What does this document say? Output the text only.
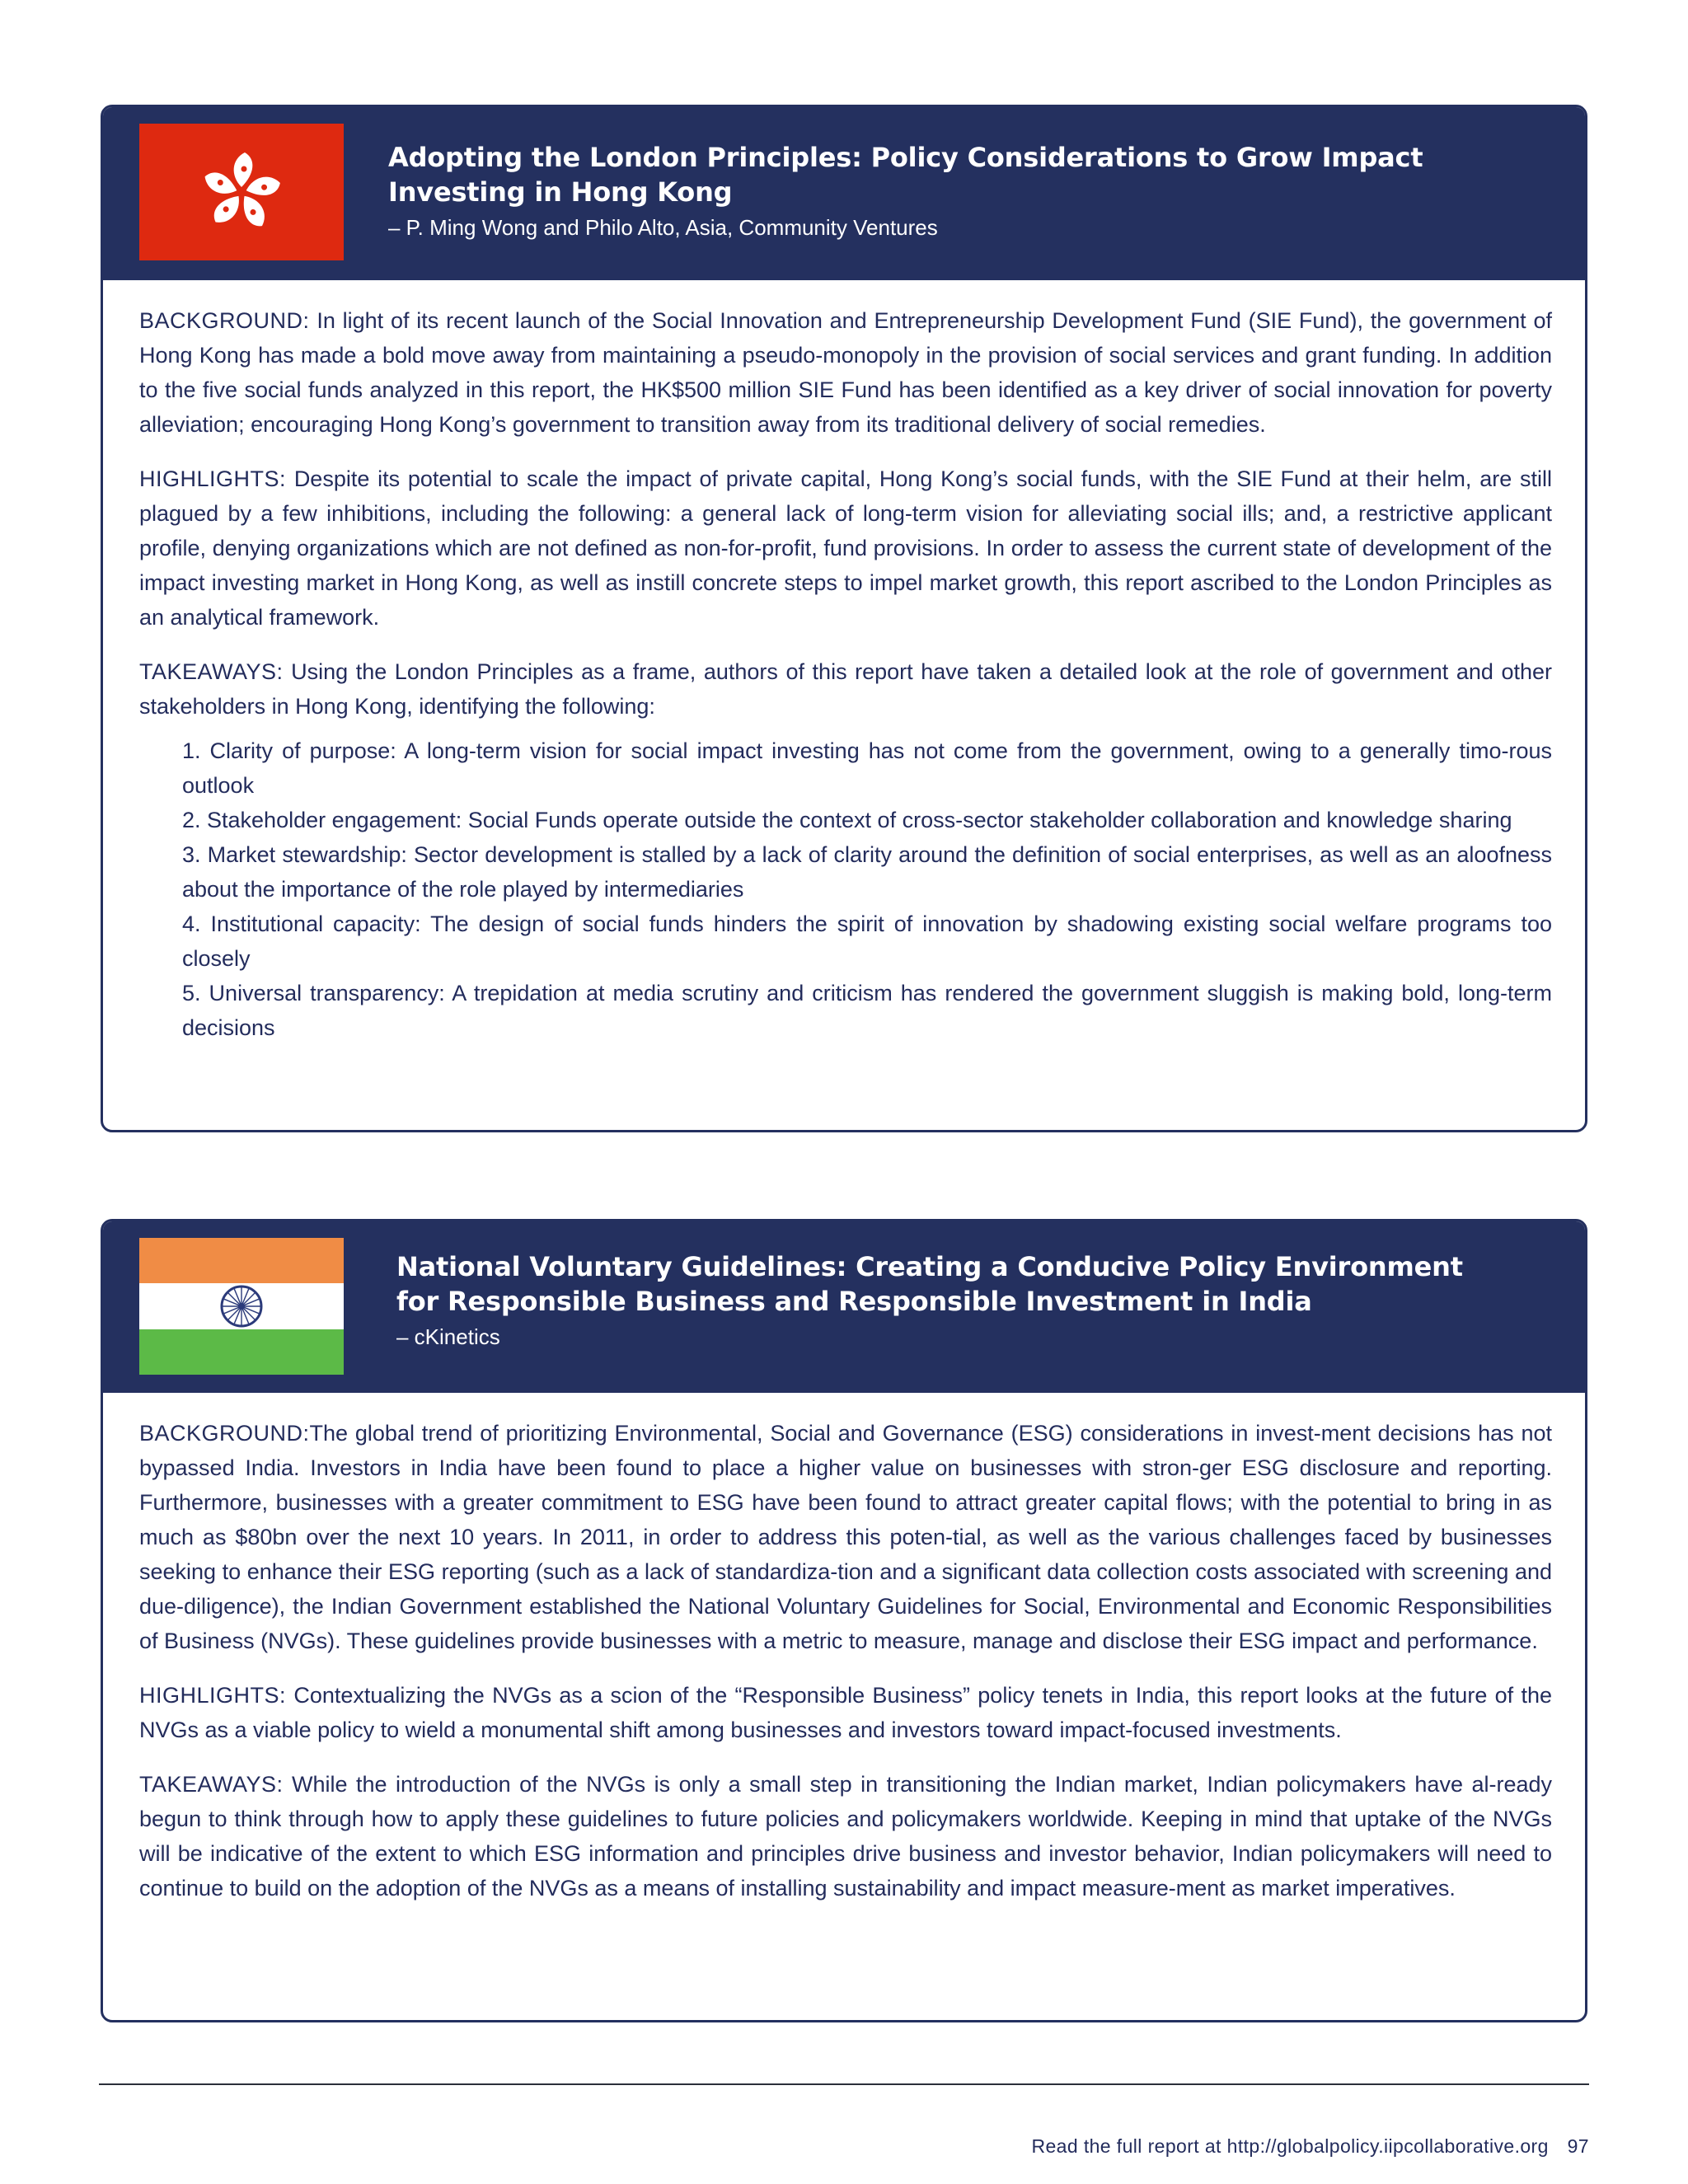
Adopting the London Principles: Policy Considerations to Grow Impact Investing in Hong Kong
– P. Ming Wong and Philo Alto, Asia, Community Ventures

BACKGROUND: In light of its recent launch of the Social Innovation and Entrepreneurship Development Fund (SIE Fund), the government of Hong Kong has made a bold move away from maintaining a pseudo-monopoly in the provision of social services and grant funding. In addition to the five social funds analyzed in this report, the HK$500 million SIE Fund has been identified as a key driver of social innovation for poverty alleviation; encouraging Hong Kong’s government to transition away from its traditional delivery of social remedies.

HIGHLIGHTS: Despite its potential to scale the impact of private capital, Hong Kong’s social funds, with the SIE Fund at their helm, are still plagued by a few inhibitions, including the following: a general lack of long-term vision for alleviating social ills; and, a restrictive applicant profile, denying organizations which are not defined as non-for-profit, fund provisions. In order to assess the current state of development of the impact investing market in Hong Kong, as well as instill concrete steps to impel market growth, this report ascribed to the London Principles as an analytical framework.

TAKEAWAYS: Using the London Principles as a frame, authors of this report have taken a detailed look at the role of government and other stakeholders in Hong Kong, identifying the following:

1. Clarity of purpose: A long-term vision for social impact investing has not come from the government, owing to a generally timo-rous outlook
2. Stakeholder engagement: Social Funds operate outside the context of cross-sector stakeholder collaboration and knowledge sharing
3. Market stewardship: Sector development is stalled by a lack of clarity around the definition of social enterprises, as well as an aloofness about the importance of the role played by intermediaries
4. Institutional capacity: The design of social funds hinders the spirit of innovation by shadowing existing social welfare programs too closely
5. Universal transparency: A trepidation at media scrutiny and criticism has rendered the government sluggish is making bold, long-term decisions
National Voluntary Guidelines: Creating a Conducive Policy Environment for Responsible Business and Responsible Investment in India
– cKinetics

BACKGROUND:The global trend of prioritizing Environmental, Social and Governance (ESG) considerations in invest-ment decisions has not bypassed India. Investors in India have been found to place a higher value on businesses with stron-ger ESG disclosure and reporting. Furthermore, businesses with a greater commitment to ESG have been found to attract greater capital flows; with the potential to bring in as much as $80bn over the next 10 years. In 2011, in order to address this poten-tial, as well as the various challenges faced by businesses seeking to enhance their ESG reporting (such as a lack of standardiza-tion and a significant data collection costs associated with screening and due-diligence), the Indian Government established the National Voluntary Guidelines for Social, Environmental and Economic Responsibilities of Business (NVGs). These guidelines provide businesses with a metric to measure, manage and disclose their ESG impact and performance.

HIGHLIGHTS: Contextualizing the NVGs as a scion of the “Responsible Business” policy tenets in India, this report looks at the future of the NVGs as a viable policy to wield a monumental shift among businesses and investors toward impact-focused investments.

TAKEAWAYS: While the introduction of the NVGs is only a small step in transitioning the Indian market, Indian policymakers have al-ready begun to think through how to apply these guidelines to future policies and policymakers worldwide. Keeping in mind that uptake of the NVGs will be indicative of the extent to which ESG information and principles drive business and investor behavior, Indian policymakers will need to continue to build on the adoption of the NVGs as a means of installing sustainability and impact measure-ment as market imperatives.

Read the full report at http://globalpolicy.iipcollaborative.org 97
